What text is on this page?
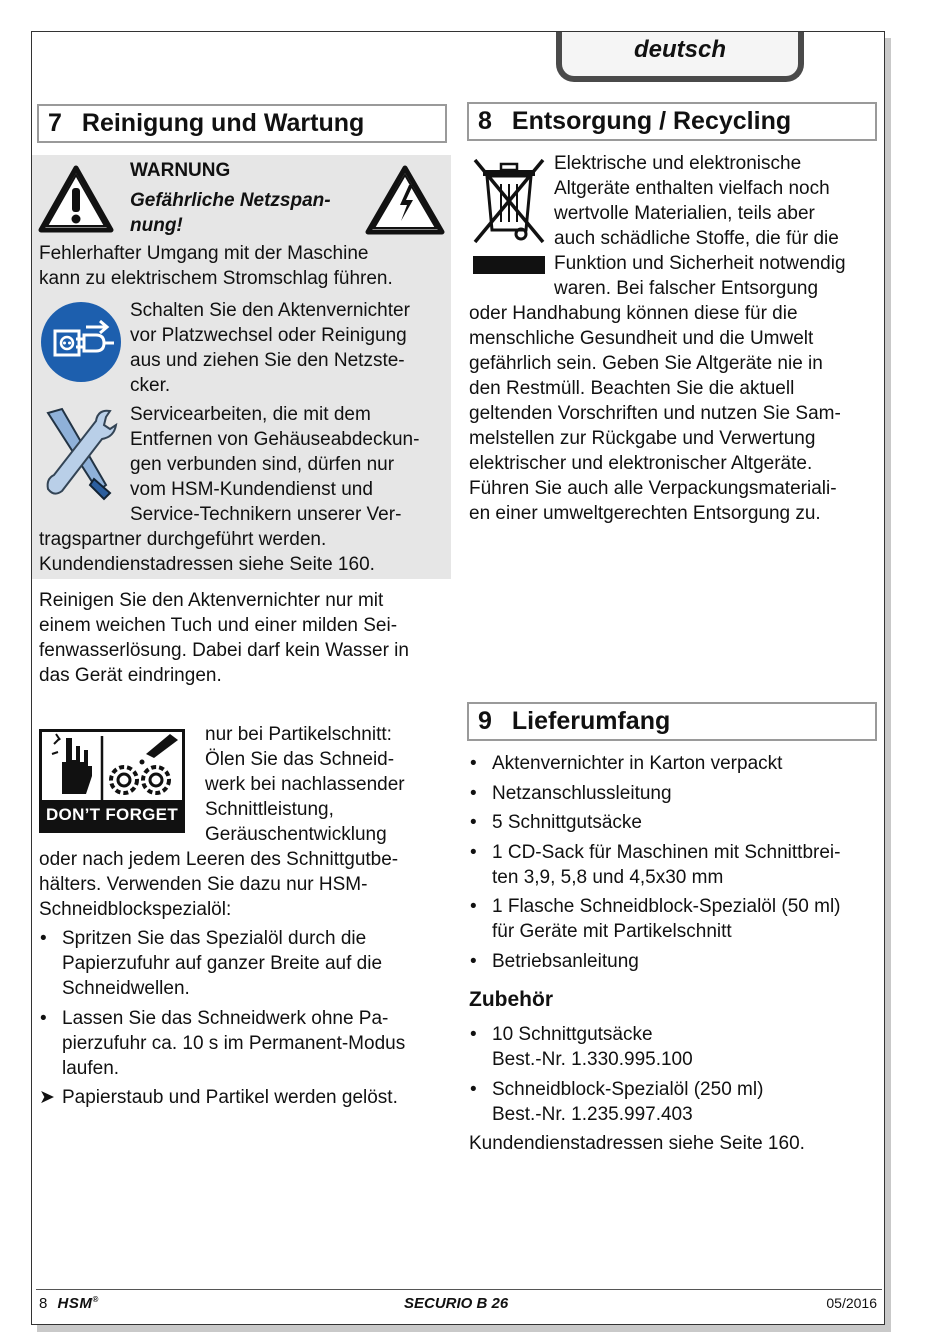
deutsch
7 Reinigung und Wartung
WARNUNG
Gefährliche Netzspan-
nung!
Fehlerhafter Umgang mit der Maschine
kann zu elektrischem Stromschlag führen.
Schalten Sie den Aktenvernichter
vor Platzwechsel oder Reinigung
aus und ziehen Sie den Netzste-
cker.
Servicearbeiten, die mit dem
Entfernen von Gehäuseabdeckun-
gen verbunden sind, dürfen nur
vom HSM-Kundendienst und
Service-Technikern unserer Ver-
tragspartner durchgeführt werden.
Kundendienstadressen siehe Seite 160.
Reinigen Sie den Aktenvernichter nur mit
einem weichen Tuch und einer milden Sei-
fenwasserlösung. Dabei darf kein Wasser in
das Gerät eindringen.
DON’T FORGET
nur bei Partikelschnitt:
Ölen Sie das Schneid-
werk bei nachlassender
Schnittleistung,
Geräuschentwicklung
oder nach jedem Leeren des Schnittgutbe-
hälters. Verwenden Sie dazu nur HSM-
Schneidblockspezialöl:
• Spritzen Sie das Spezialöl durch die
Papierzufuhr auf ganzer Breite auf die
Schneidwellen.
• Lassen Sie das Schneidwerk ohne Pa-
pierzufuhr ca. 10 s im Permanent-Modus
laufen.
➤ Papierstaub und Partikel werden gelöst.
8 Entsorgung / Recycling
Elektrische und elektronische
Altgeräte enthalten vielfach noch
wertvolle Materialien, teils aber
auch schädliche Stoffe, die für die
Funktion und Sicherheit notwendig
waren. Bei falscher Entsorgung
oder Handhabung können diese für die
menschliche Gesundheit und die Umwelt
gefährlich sein. Geben Sie Altgeräte nie in
den Restmüll. Beachten Sie die aktuell
geltenden Vorschriften und nutzen Sie Sam-
melstellen zur Rückgabe und Verwertung
elektrischer und elektronischer Altgeräte.
Führen Sie auch alle Verpackungsmateriali-
en einer umweltgerechten Entsorgung zu.
9 Lieferumfang
• Aktenvernichter in Karton verpackt
• Netzanschlussleitung
• 5 Schnittgutsäcke
• 1 CD-Sack für Maschinen mit Schnittbrei-
ten 3,9, 5,8 und 4,5x30 mm
• 1 Flasche Schneidblock-Spezialöl (50 ml)
für Geräte mit Partikelschnitt
• Betriebsanleitung
Zubehör
• 10 Schnittgutsäcke
Best.-Nr. 1.330.995.100
• Schneidblock-Spezialöl (250 ml)
Best.-Nr. 1.235.997.403
Kundendienstadressen siehe Seite 160.
8 HSM®	SECURIO B 26	05/2016
